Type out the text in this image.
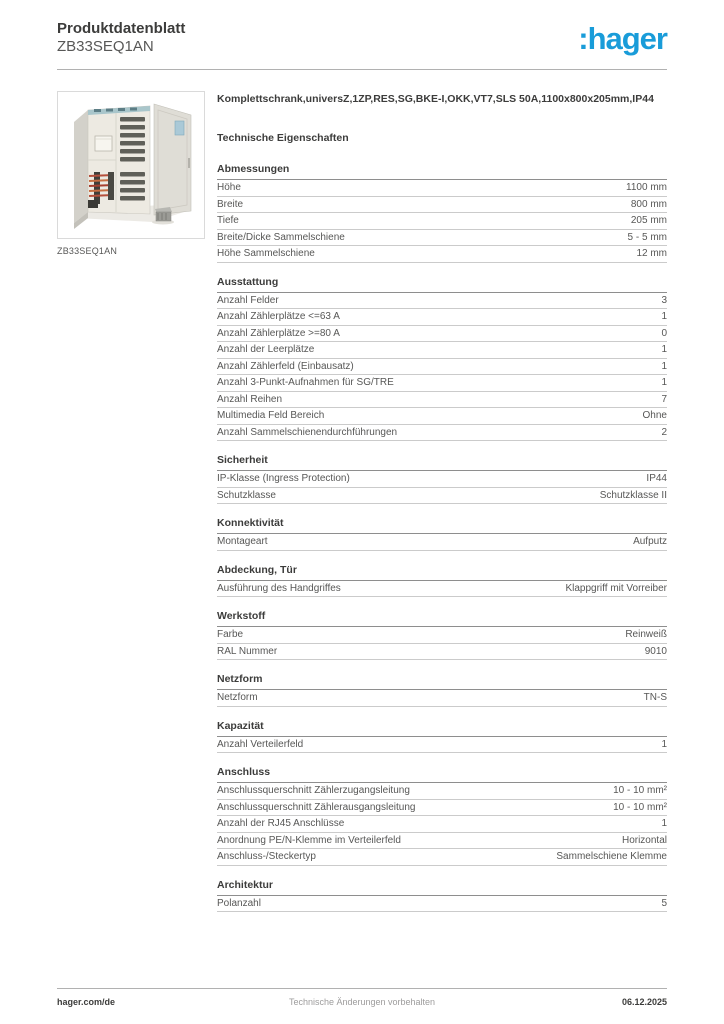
Produktdatenblatt
ZB33SEQ1AN	:hager
ZB33SEQ1AN
Komplettschrank,universZ,1ZP,RES,SG,BKE-I,OKK,VT7,SLS 50A,1100x800x205mm,IP44
Technische Eigenschaften
Abmessungen
Höhe	1100 mm
Breite	800 mm
Tiefe	205 mm
Breite/Dicke Sammelschiene	5 - 5 mm
Höhe Sammelschiene	12 mm
Ausstattung
Anzahl Felder	3
Anzahl Zählerplätze <=63 A	1
Anzahl Zählerplätze >=80 A	0
Anzahl der Leerplätze	1
Anzahl Zählerfeld (Einbausatz)	1
Anzahl 3-Punkt-Aufnahmen für SG/TRE	1
Anzahl Reihen	7
Multimedia Feld Bereich	Ohne
Anzahl Sammelschienendurchführungen	2
Sicherheit
IP-Klasse (Ingress Protection)	IP44
Schutzklasse	Schutzklasse II
Konnektivität
Montageart	Aufputz
Abdeckung, Tür
Ausführung des Handgriffes	Klappgriff mit Vorreiber
Werkstoff
Farbe	Reinweiß
RAL Nummer	9010
Netzform
Netzform	TN-S
Kapazität
Anzahl Verteilerfeld	1
Anschluss
Anschlussquerschnitt Zählerzugangsleitung	10 - 10 mm²
Anschlussquerschnitt Zählerausgangsleitung	10 - 10 mm²
Anzahl der RJ45 Anschlüsse	1
Anordnung PE/N-Klemme im Verteilerfeld	Horizontal
Anschluss-/Steckertyp	Sammelschiene Klemme
Architektur
Polanzahl	5
hager.com/de	Technische Änderungen vorbehalten	06.12.2025
